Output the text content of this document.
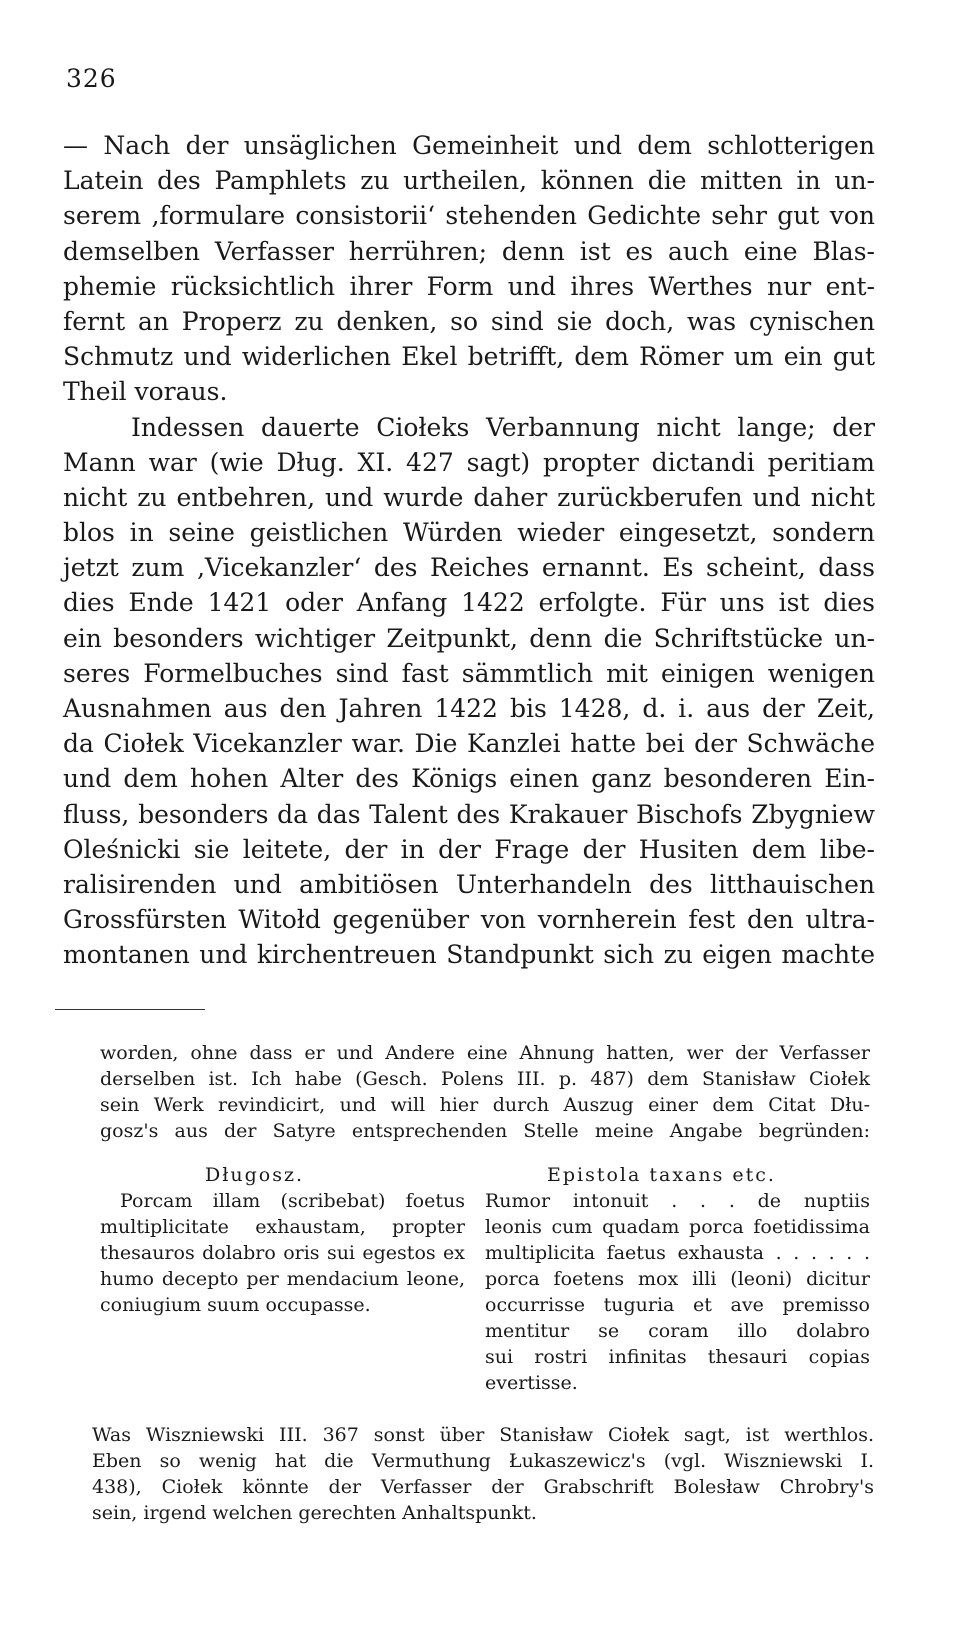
326
— Nach der unsäglichen Gemeinheit und dem schlotterigen
Latein des Pamphlets zu urtheilen, können die mitten in un-
serem ‚formulare consistorii‘ stehenden Gedichte sehr gut von
demselben Verfasser herrühren; denn ist es auch eine Blas-
phemie rücksichtlich ihrer Form und ihres Werthes nur ent-
fernt an Properz zu denken, so sind sie doch, was cynischen
Schmutz und widerlichen Ekel betrifft, dem Römer um ein gut
Theil voraus.
Indessen dauerte Ciołeks Verbannung nicht lange; der
Mann war (wie Dług. XI. 427 sagt) propter dictandi peritiam
nicht zu entbehren, und wurde daher zurückberufen und nicht
blos in seine geistlichen Würden wieder eingesetzt, sondern
jetzt zum ‚Vicekanzler‘ des Reiches ernannt. Es scheint, dass
dies Ende 1421 oder Anfang 1422 erfolgte. Für uns ist dies
ein besonders wichtiger Zeitpunkt, denn die Schriftstücke un-
seres Formelbuches sind fast sämmtlich mit einigen wenigen
Ausnahmen aus den Jahren 1422 bis 1428, d. i. aus der Zeit,
da Ciołek Vicekanzler war. Die Kanzlei hatte bei der Schwäche
und dem hohen Alter des Königs einen ganz besonderen Ein-
fluss, besonders da das Talent des Krakauer Bischofs Zbygniew
Oleśnicki sie leitete, der in der Frage der Husiten dem libe-
ralisirenden und ambitiösen Unterhandeln des litthauischen
Grossfürsten Witołd gegenüber von vornherein fest den ultra-
montanen und kirchentreuen Standpunkt sich zu eigen machte
worden, ohne dass er und Andere eine Ahnung hatten, wer der Verfasser
derselben ist. Ich habe (Gesch. Polens III. p. 487) dem Stanisław Ciołek
sein Werk revindicirt, und will hier durch Auszug einer dem Citat Dłu-
gosz's aus der Satyre entsprechenden Stelle meine Angabe begründen:
Długosz.
Porcam illam (scribebat) foetus
multiplicitate exhaustam, propter
thesauros dolabro oris sui egestos ex
humo decepto per mendacium leone,
coniugium suum occupasse.
Epistola taxans etc.
Rumor intonuit . . . de nuptiis
leonis cum quadam porca foetidissima
multiplicita faetus exhausta . . . . . .
porca foetens mox illi (leoni) dicitur
occurrisse tuguria et ave premisso
mentitur se coram illo dolabro
sui rostri infinitas thesauri copias
evertisse.
Was Wiszniewski III. 367 sonst über Stanisław Ciołek sagt, ist werthlos.
Eben so wenig hat die Vermuthung Łukaszewicz's (vgl. Wiszniewski I.
438), Ciołek könnte der Verfasser der Grabschrift Bolesław Chrobry's
sein, irgend welchen gerechten Anhaltspunkt.
